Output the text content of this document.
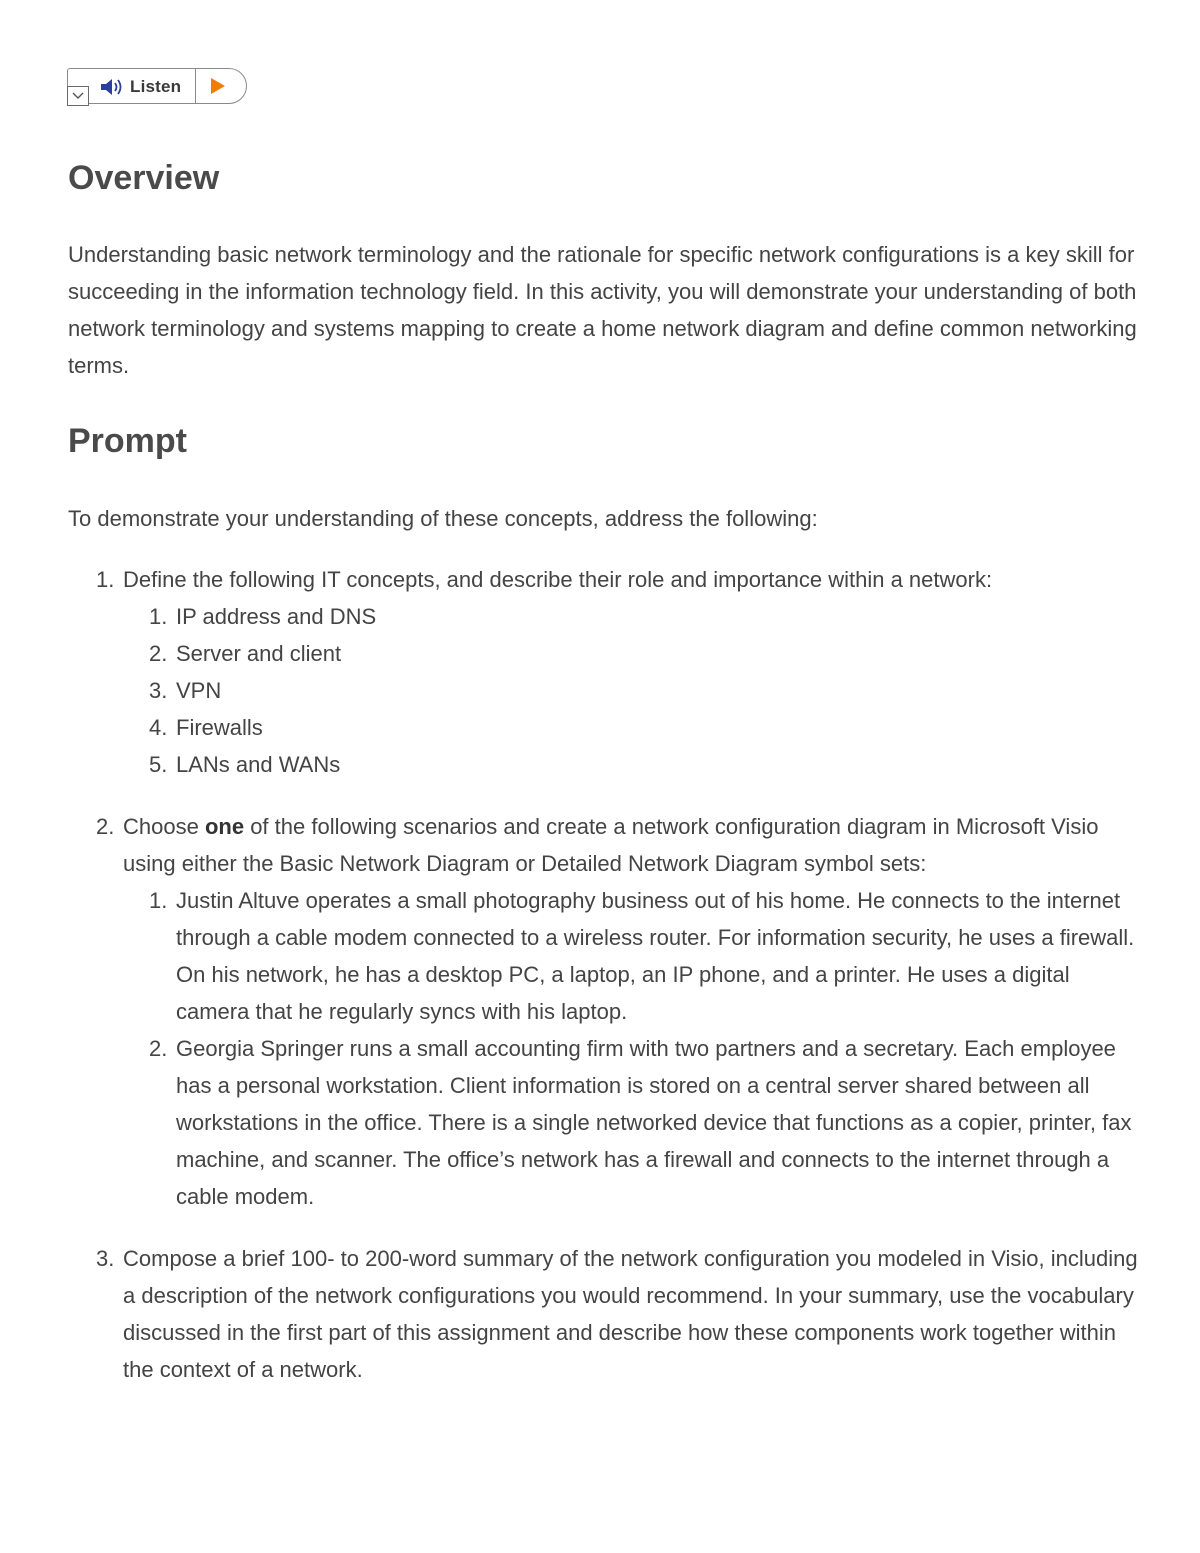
Listen
Overview

Understanding basic network terminology and the rationale for specific network configurations is a key skill for succeeding in the information technology field. In this activity, you will demonstrate your understanding of both network terminology and systems mapping to create a home network diagram and define common networking terms.

Prompt

To demonstrate your understanding of these concepts, address the following:

1. Define the following IT concepts, and describe their role and importance within a network:
1. IP address and DNS
2. Server and client
3. VPN
4. Firewalls
5. LANs and WANs
2. Choose one of the following scenarios and create a network configuration diagram in Microsoft Visio using either the Basic Network Diagram or Detailed Network Diagram symbol sets:
1. Justin Altuve operates a small photography business out of his home. He connects to the internet through a cable modem connected to a wireless router. For information security, he uses a firewall. On his network, he has a desktop PC, a laptop, an IP phone, and a printer. He uses a digital camera that he regularly syncs with his laptop.
2. Georgia Springer runs a small accounting firm with two partners and a secretary. Each employee has a personal workstation. Client information is stored on a central server shared between all workstations in the office. There is a single networked device that functions as a copier, printer, fax machine, and scanner. The office’s network has a firewall and connects to the internet through a cable modem.
3. Compose a brief 100- to 200-word summary of the network configuration you modeled in Visio, including a description of the network configurations you would recommend. In your summary, use the vocabulary discussed in the first part of this assignment and describe how these components work together within the context of a network.
